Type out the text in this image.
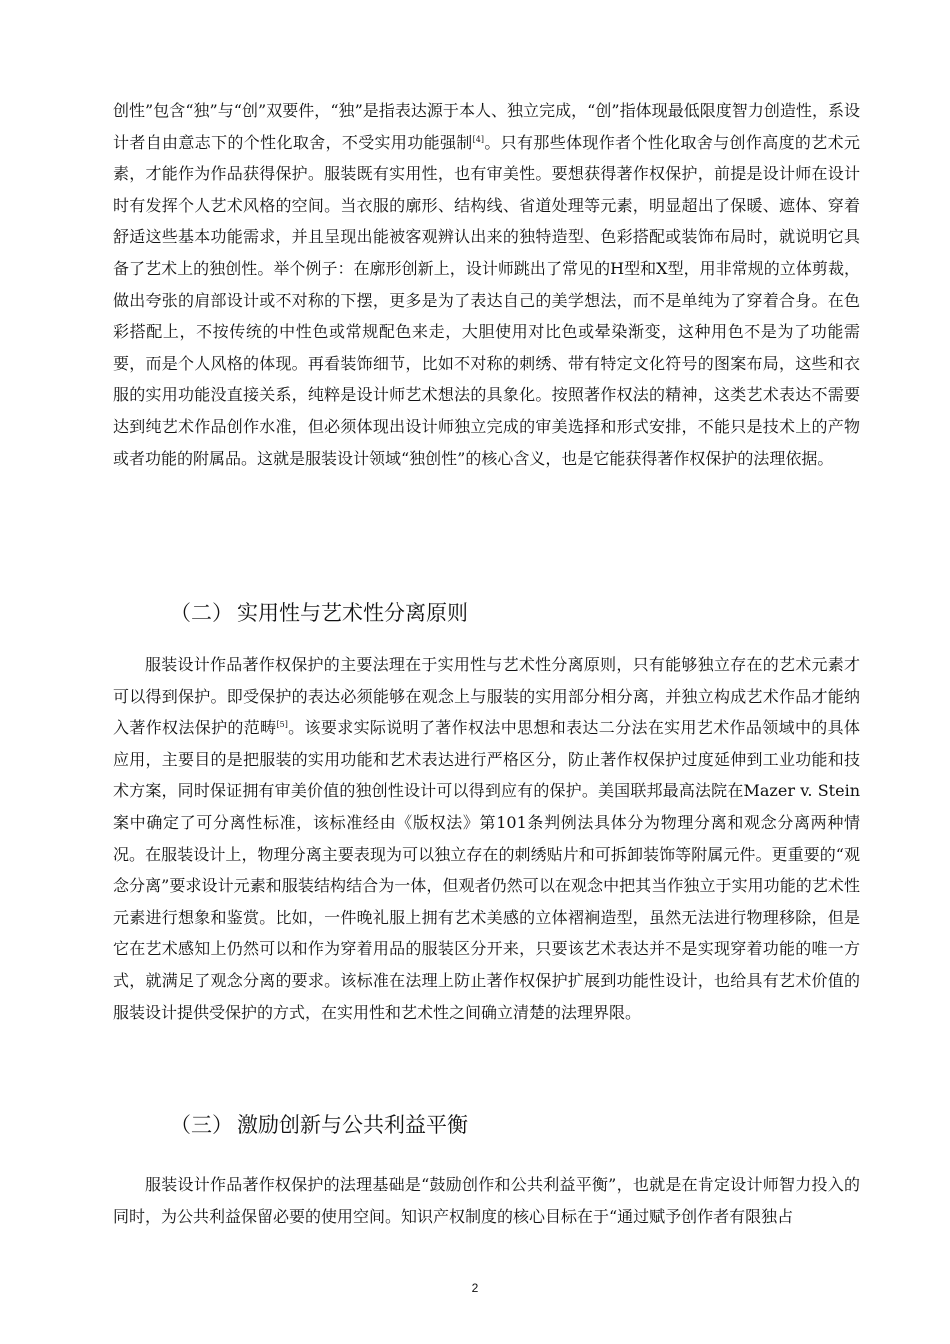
创性”包含“独”与“创”双要件，“独”是指表达源于本人、独立完成，“创”指体现最低限度智力创造性，系设计者自由意志下的个性化取舍，不受实用功能强制[4]。只有那些体现作者个性化取舍与创作高度的艺术元素，才能作为作品获得保护。服装既有实用性，也有审美性。要想获得著作权保护，前提是设计师在设计时有发挥个人艺术风格的空间。当衣服的廓形、结构线、省道处理等元素，明显超出了保暖、遮体、穿着舒适这些基本功能需求，并且呈现出能被客观辨认出来的独特造型、色彩搭配或装饰布局时，就说明它具备了艺术上的独创性。举个例子：在廓形创新上，设计师跳出了常见的H型和X型，用非常规的立体剪裁，做出夸张的肩部设计或不对称的下摆，更多是为了表达自己的美学想法，而不是单纯为了穿着合身。在色彩搭配上，不按传统的中性色或常规配色来走，大胆使用对比色或晕染渐变，这种用色不是为了功能需要，而是个人风格的体现。再看装饰细节，比如不对称的刺绣、带有特定文化符号的图案布局，这些和衣服的实用功能没直接关系，纯粹是设计师艺术想法的具象化。按照著作权法的精神，这类艺术表达不需要达到纯艺术作品创作水准，但必须体现出设计师独立完成的审美选择和形式安排，不能只是技术上的产物或者功能的附属品。这就是服装设计领域“独创性”的核心含义，也是它能获得著作权保护的法理依据。

（二） 实用性与艺术性分离原则

服装设计作品著作权保护的主要法理在于实用性与艺术性分离原则，只有能够独立存在的艺术元素才可以得到保护。即受保护的表达必须能够在观念上与服装的实用部分相分离，并独立构成艺术作品才能纳入著作权法保护的范畴[5]。该要求实际说明了著作权法中思想和表达二分法在实用艺术作品领域中的具体应用，主要目的是把服装的实用功能和艺术表达进行严格区分，防止著作权保护过度延伸到工业功能和技术方案，同时保证拥有审美价值的独创性设计可以得到应有的保护。美国联邦最高法院在Mazer v. Stein案中确定了可分离性标准，该标准经由《版权法》第101条判例法具体分为物理分离和观念分离两种情况。在服装设计上，物理分离主要表现为可以独立存在的刺绣贴片和可拆卸装饰等附属元件。更重要的“观念分离”要求设计元素和服装结构结合为一体，但观者仍然可以在观念中把其当作独立于实用功能的艺术性元素进行想象和鉴赏。比如，一件晚礼服上拥有艺术美感的立体褶裥造型，虽然无法进行物理移除，但是它在艺术感知上仍然可以和作为穿着用品的服装区分开来，只要该艺术表达并不是实现穿着功能的唯一方式，就满足了观念分离的要求。该标准在法理上防止著作权保护扩展到功能性设计，也给具有艺术价值的服装设计提供受保护的方式，在实用性和艺术性之间确立清楚的法理界限。

（三） 激励创新与公共利益平衡

服装设计作品著作权保护的法理基础是“鼓励创作和公共利益平衡”，也就是在肯定设计师智力投入的同时，为公共利益保留必要的使用空间。知识产权制度的核心目标在于“通过赋予创作者有限独占

2
